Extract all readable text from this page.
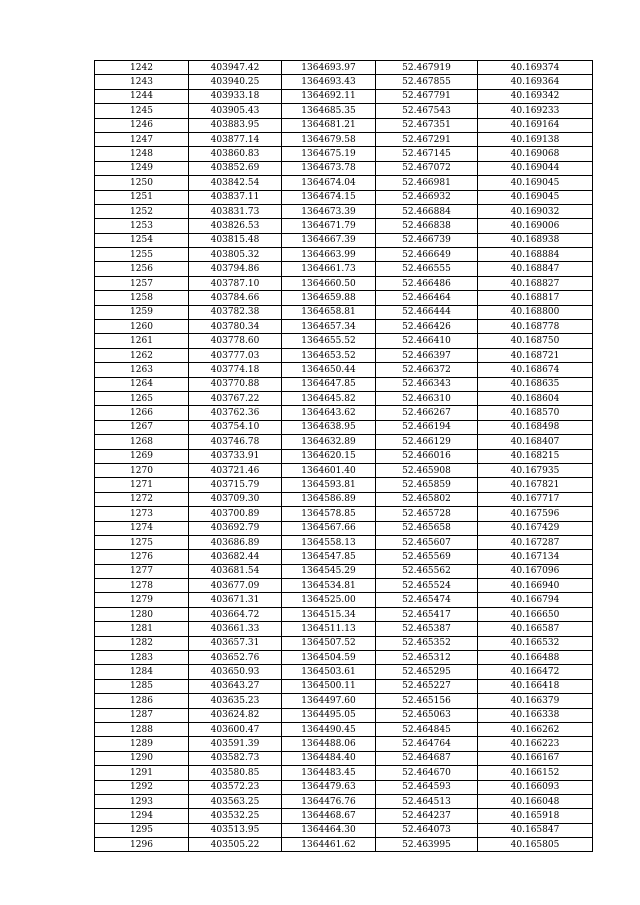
1242	403947.42	1364693.97	52.467919	40.169374
1243	403940.25	1364693.43	52.467855	40.169364
1244	403933.18	1364692.11	52.467791	40.169342
1245	403905.43	1364685.35	52.467543	40.169233
1246	403883.95	1364681.21	52.467351	40.169164
1247	403877.14	1364679.58	52.467291	40.169138
1248	403860.83	1364675.19	52.467145	40.169068
1249	403852.69	1364673.78	52.467072	40.169044
1250	403842.54	1364674.04	52.466981	40.169045
1251	403837.11	1364674.15	52.466932	40.169045
1252	403831.73	1364673.39	52.466884	40.169032
1253	403826.53	1364671.79	52.466838	40.169006
1254	403815.48	1364667.39	52.466739	40.168938
1255	403805.32	1364663.99	52.466649	40.168884
1256	403794.86	1364661.73	52.466555	40.168847
1257	403787.10	1364660.50	52.466486	40.168827
1258	403784.66	1364659.88	52.466464	40.168817
1259	403782.38	1364658.81	52.466444	40.168800
1260	403780.34	1364657.34	52.466426	40.168778
1261	403778.60	1364655.52	52.466410	40.168750
1262	403777.03	1364653.52	52.466397	40.168721
1263	403774.18	1364650.44	52.466372	40.168674
1264	403770.88	1364647.85	52.466343	40.168635
1265	403767.22	1364645.82	52.466310	40.168604
1266	403762.36	1364643.62	52.466267	40.168570
1267	403754.10	1364638.95	52.466194	40.168498
1268	403746.78	1364632.89	52.466129	40.168407
1269	403733.91	1364620.15	52.466016	40.168215
1270	403721.46	1364601.40	52.465908	40.167935
1271	403715.79	1364593.81	52.465859	40.167821
1272	403709.30	1364586.89	52.465802	40.167717
1273	403700.89	1364578.85	52.465728	40.167596
1274	403692.79	1364567.66	52.465658	40.167429
1275	403686.89	1364558.13	52.465607	40.167287
1276	403682.44	1364547.85	52.465569	40.167134
1277	403681.54	1364545.29	52.465562	40.167096
1278	403677.09	1364534.81	52.465524	40.166940
1279	403671.31	1364525.00	52.465474	40.166794
1280	403664.72	1364515.34	52.465417	40.166650
1281	403661.33	1364511.13	52.465387	40.166587
1282	403657.31	1364507.52	52.465352	40.166532
1283	403652.76	1364504.59	52.465312	40.166488
1284	403650.93	1364503.61	52.465295	40.166472
1285	403643.27	1364500.11	52.465227	40.166418
1286	403635.23	1364497.60	52.465156	40.166379
1287	403624.82	1364495.05	52.465063	40.166338
1288	403600.47	1364490.45	52.464845	40.166262
1289	403591.39	1364488.06	52.464764	40.166223
1290	403582.73	1364484.40	52.464687	40.166167
1291	403580.85	1364483.45	52.464670	40.166152
1292	403572.23	1364479.63	52.464593	40.166093
1293	403563.25	1364476.76	52.464513	40.166048
1294	403532.25	1364468.67	52.464237	40.165918
1295	403513.95	1364464.30	52.464073	40.165847
1296	403505.22	1364461.62	52.463995	40.165805
